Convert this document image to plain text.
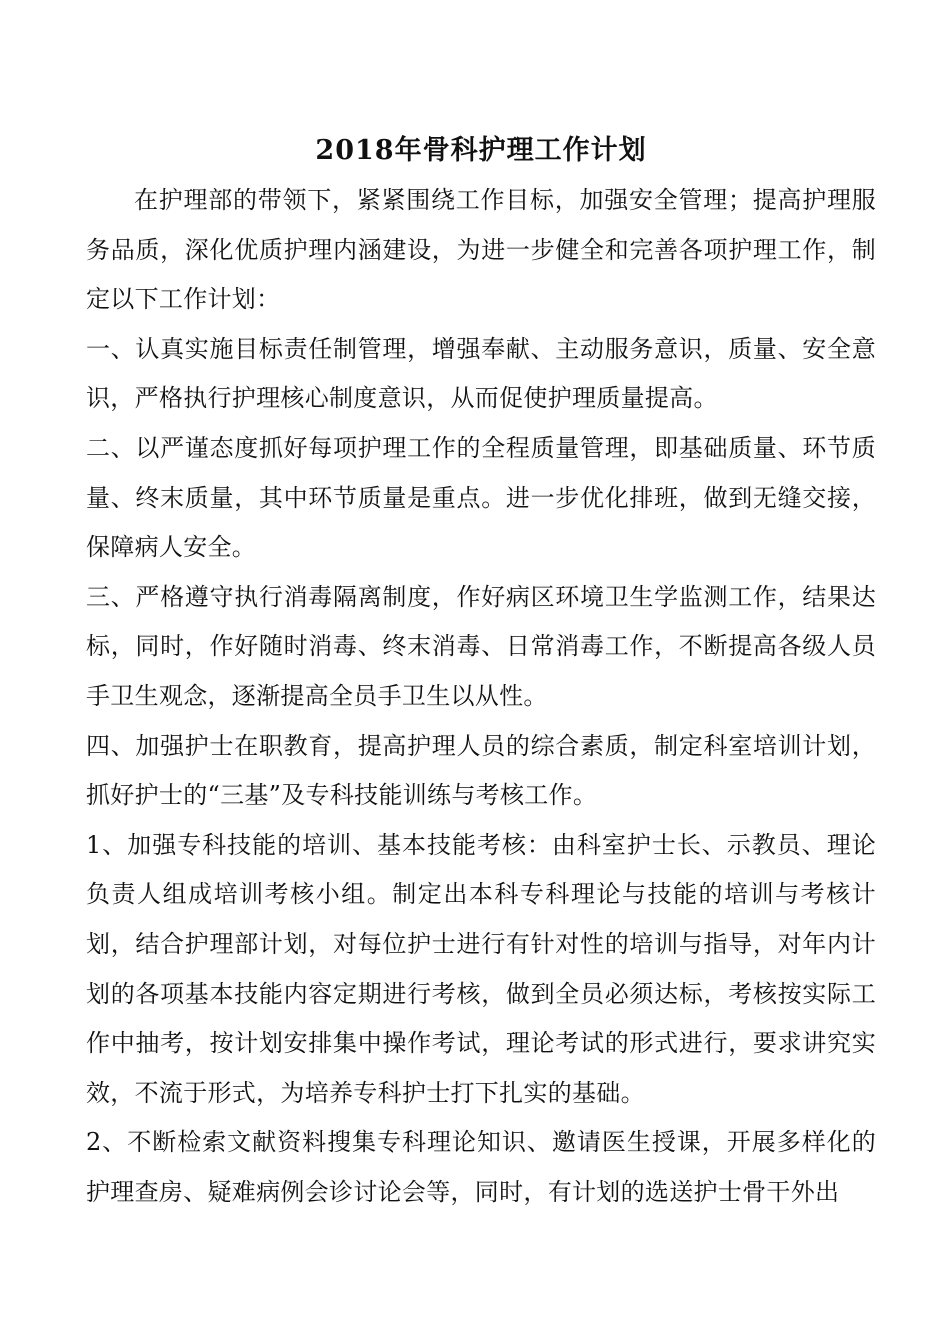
2018年骨科护理工作计划

在护理部的带领下，紧紧围绕工作目标，加强安全管理；提高护理服务品质，深化优质护理内涵建设，为进一步健全和完善各项护理工作，制定以下工作计划：

一、认真实施目标责任制管理，增强奉献、主动服务意识，质量、安全意识，严格执行护理核心制度意识，从而促使护理质量提高。

二、以严谨态度抓好每项护理工作的全程质量管理，即基础质量、环节质量、终末质量，其中环节质量是重点。进一步优化排班，做到无缝交接，保障病人安全。

三、严格遵守执行消毒隔离制度，作好病区环境卫生学监测工作，结果达标，同时，作好随时消毒、终末消毒、日常消毒工作，不断提高各级人员手卫生观念，逐渐提高全员手卫生以从性。

四、加强护士在职教育，提高护理人员的综合素质，制定科室培训计划，抓好护士的“三基”及专科技能训练与考核工作。

1、加强专科技能的培训、基本技能考核：由科室护士长、示教员、理论负责人组成培训考核小组。制定出本科专科理论与技能的培训与考核计划，结合护理部计划，对每位护士进行有针对性的培训与指导，对年内计划的各项基本技能内容定期进行考核，做到全员必须达标，考核按实际工作中抽考，按计划安排集中操作考试，理论考试的形式进行，要求讲究实效，不流于形式，为培养专科护士打下扎实的基础。

2、不断检索文献资料搜集专科理论知识、邀请医生授课，开展多样化的护理查房、疑难病例会诊讨论会等，同时，有计划的选送护士骨干外出
